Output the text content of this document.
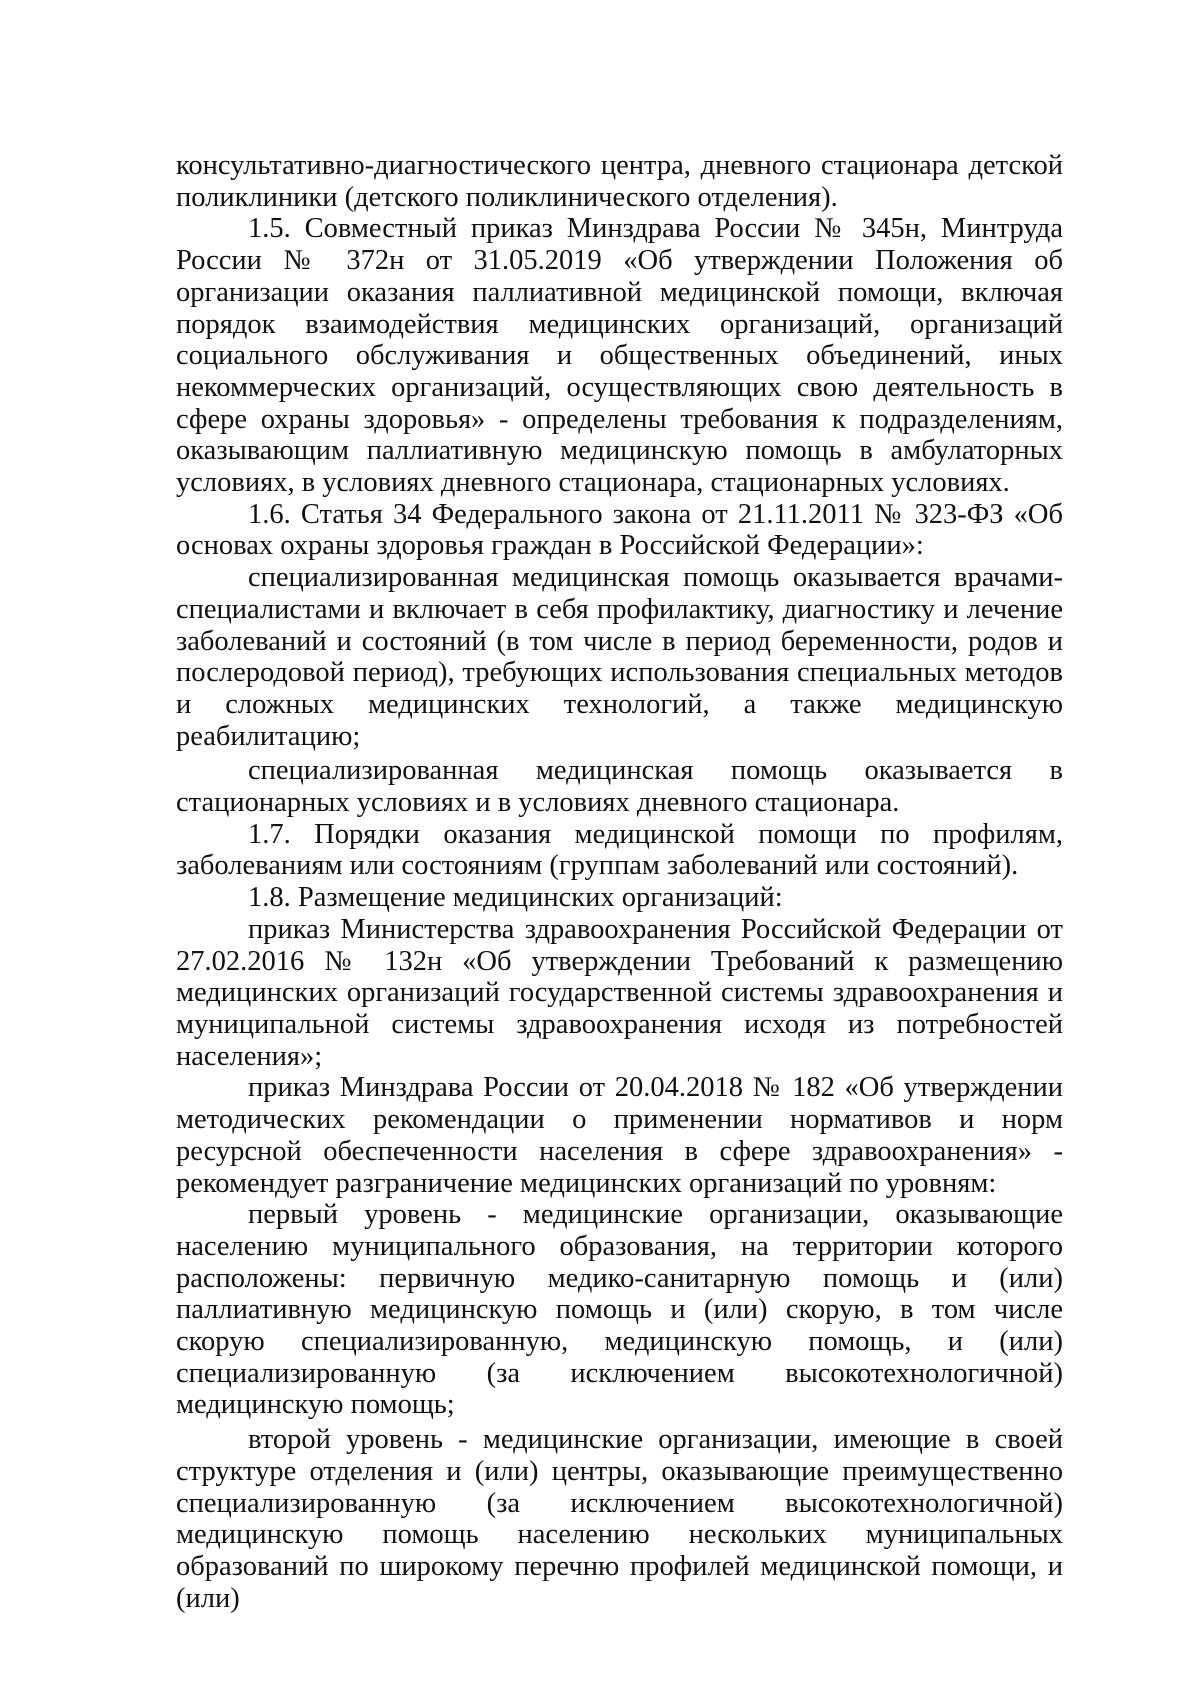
консультативно-диагностического центра, дневного стационара детской поликлиники (детского поликлинического отделения).

1.5. Совместный приказ Минздрава России № 345н, Минтруда России № 372н от 31.05.2019 «Об утверждении Положения об организации оказания паллиативной медицинской помощи, включая порядок взаимодействия медицинских организаций, организаций социального обслуживания и общественных объединений, иных некоммерческих организаций, осуществляющих свою деятельность в сфере охраны здоровья» - определены требования к подразделениям, оказывающим паллиативную медицинскую помощь в амбулаторных условиях, в условиях дневного стационара, стационарных условиях.

1.6. Статья 34 Федерального закона от 21.11.2011 № 323-ФЗ «Об основах охраны здоровья граждан в Российской Федерации»:

специализированная медицинская помощь оказывается врачами-специалистами и включает в себя профилактику, диагностику и лечение заболеваний и состояний (в том числе в период беременности, родов и послеродовой период), требующих использования специальных методов и сложных медицинских технологий, а также медицинскую реабилитацию;

специализированная медицинская помощь оказывается в стационарных условиях и в условиях дневного стационара.

1.7. Порядки оказания медицинской помощи по профилям, заболеваниям или состояниям (группам заболеваний или состояний).

1.8. Размещение медицинских организаций:

приказ Министерства здравоохранения Российской Федерации от 27.02.2016 № 132н «Об утверждении Требований к размещению медицинских организаций государственной системы здравоохранения и муниципальной системы здравоохранения исходя из потребностей населения»;

приказ Минздрава России от 20.04.2018 № 182 «Об утверждении методических рекомендации о применении нормативов и норм ресурсной обеспеченности населения в сфере здравоохранения» - рекомендует разграничение медицинских организаций по уровням:

первый уровень - медицинские организации, оказывающие населению муниципального образования, на территории которого расположены: первичную медико-санитарную помощь и (или) паллиативную медицинскую помощь и (или) скорую, в том числе скорую специализированную, медицинскую помощь, и (или) специализированную (за исключением высокотехнологичной) медицинскую помощь;

второй уровень - медицинские организации, имеющие в своей структуре отделения и (или) центры, оказывающие преимущественно специализированную (за исключением высокотехнологичной) медицинскую помощь населению нескольких муниципальных образований по широкому перечню профилей медицинской помощи, и (или)
